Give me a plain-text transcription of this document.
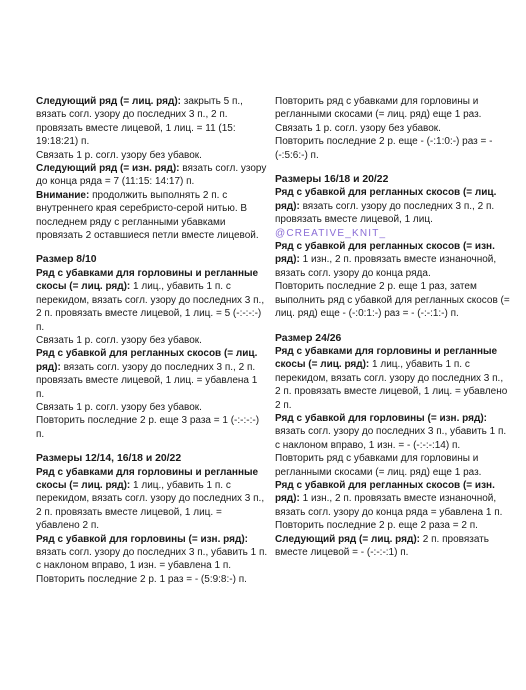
Следующий ряд (= лиц. ряд): закрыть 5 п., вязать согл. узору до последних 3 п., 2 п. провязать вместе лицевой, 1 лиц. = 11 (15: 19:18:21) п.

Связать 1 р. согл. узору без убавок.

Следующий ряд (= изн. ряд): вязать согл. узору до конца ряда = 7 (11:15: 14:17) п.

Внимание: продолжить выполнять 2 п. с внутреннего края серебристо-серой нитью. В последнем ряду с регланными убавками провязать 2 оставшиеся петли вместе лицевой.

Размер 8/10

Ряд с убавками для горловины и регланные скосы (= лиц. ряд): 1 лиц., убавить 1 п. с перекидом, вязать согл. узору до последних 3 п., 2 п. провязать вместе лицевой, 1 лиц. = 5 (-:-:-:-) п.

Связать 1 р. согл. узору без убавок.

Ряд с убавкой для регланных скосов (= лиц. ряд): вязать согл. узору до последних 3 п., 2 п. провязать вместе лицевой, 1 лиц. = убавлена 1 п.

Связать 1 р. согл. узору без убавок.

Повторить последние 2 р. еще 3 раза = 1 (-:-:-:-) п.

Размеры 12/14, 16/18 и 20/22

Ряд с убавками для горловины и регланные скосы (= лиц. ряд): 1 лиц., убавить 1 п. с перекидом, вязать согл. узору до последних 3 п., 2 п. провязать вместе лицевой, 1 лиц. = убавлено 2 п.

Ряд с убавкой для горловины (= изн. ряд): вязать согл. узору до последних 3 п., убавить 1 п. с наклоном вправо, 1 изн. = убавлена 1 п.

Повторить последние 2 р. 1 раз = - (5:9:8:-) п.

Повторить ряд с убавками для горловины и регланными скосами (= лиц. ряд) еще 1 раз.

Связать 1 р. согл. узору без убавок.

Повторить последние 2 р. еще - (-:1:0:-) раз = - (-:5:6:-) п.

Размеры 16/18 и 20/22

Ряд с убавкой для регланных скосов (= лиц. ряд): вязать согл. узору до последних 3 п., 2 п. провязать вместе лицевой, 1 лиц. @CREATIVE_KNIT_

Ряд с убавкой для регланных скосов (= изн. ряд): 1 изн., 2 п. провязать вместе изнаночной, вязать согл. узору до конца ряда.

Повторить последние 2 р. еще 1 раз, затем выполнить ряд с убавкой для регланных скосов (= лиц. ряд) еще - (-:0:1:-) раз = - (-:-:1:-) п.

Размер 24/26

Ряд с убавками для горловины и регланные скосы (= лиц. ряд): 1 лиц., убавить 1 п. с перекидом, вязать согл. узору до последних 3 п., 2 п. провязать вместе лицевой, 1 лиц. = убавлено 2 п.

Ряд с убавкой для горловины (= изн. ряд): вязать согл. узору до последних 3 п., убавить 1 п. с наклоном вправо, 1 изн. = - (-:-:-:14) п.

Повторить ряд с убавками для горловины и регланными скосами (= лиц. ряд) еще 1 раз.

Ряд с убавкой для регланных скосов (= изн. ряд): 1 изн., 2 п. провязать вместе изнаночной, вязать согл. узору до конца ряда = убавлена 1 п.

Повторить последние 2 р. еще 2 раза = 2 п.

Следующий ряд (= лиц. ряд): 2 п. провязать вместе лицевой = - (-:-:-:1) п.
